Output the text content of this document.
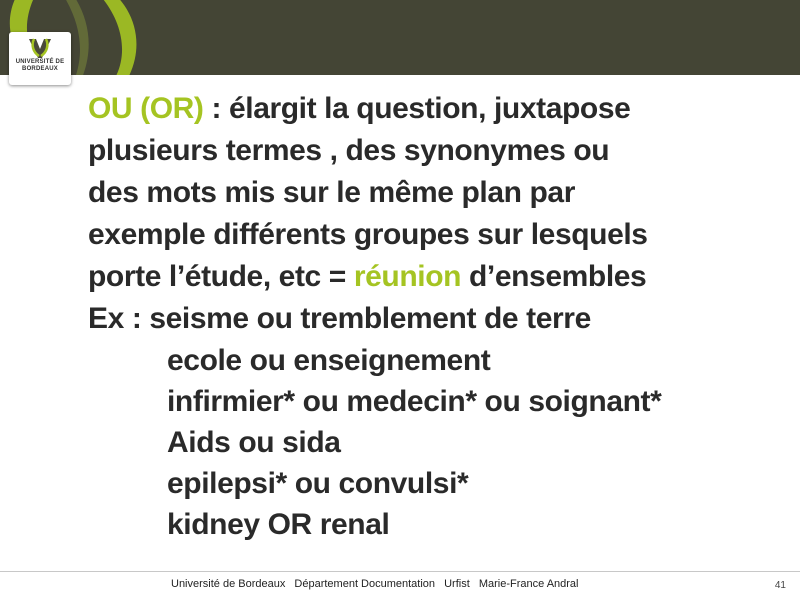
UNIVERSITÉ DE
BORDEAUX
OU (OR) : élargit la question, juxtapose
plusieurs termes , des synonymes ou
des mots mis sur le même plan par
exemple différents groupes sur lesquels
porte l’étude, etc = réunion d’ensembles
Ex : seisme ou tremblement de terre
ecole ou enseignement
infirmier* ou medecin* ou soignant*
Aids ou sida
epilepsi* ou convulsi*
kidney OR renal
Université de Bordeaux Département Documentation Urfist Marie-France Andral	41
